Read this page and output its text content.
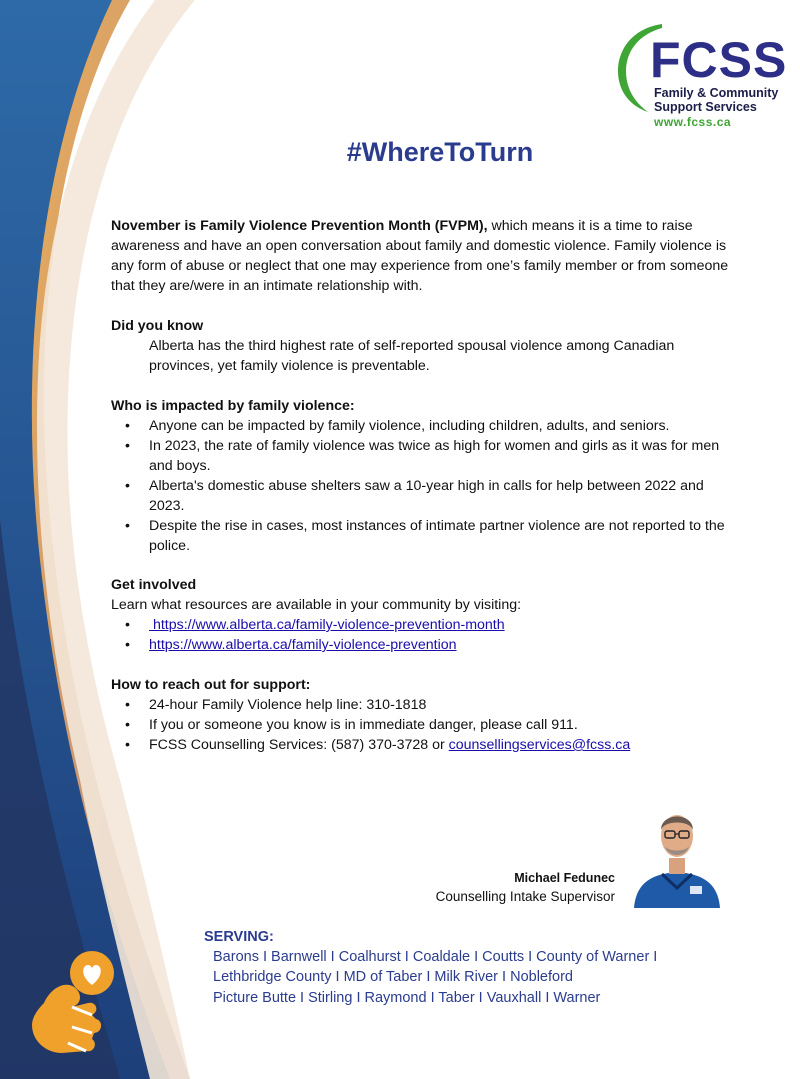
FCSS
Family & Community
Support Services
www.fcss.ca
#WhereToTurn

November is Family Violence Prevention Month (FVPM), which means it is a time to raise awareness and have an open conversation about family and domestic violence. Family violence is any form of abuse or neglect that one may experience from one’s family member or from someone that they are/were in an intimate relationship with.

Did you know

Alberta has the third highest rate of self-reported spousal violence among Canadian provinces, yet family violence is preventable.

Who is impacted by family violence:

• Anyone can be impacted by family violence, including children, adults, and seniors.
• In 2023, the rate of family violence was twice as high for women and girls as it was for men and boys.
• Alberta's domestic abuse shelters saw a 10-year high in calls for help between 2022 and 2023.
• Despite the rise in cases, most instances of intimate partner violence are not reported to the police.

Get involved

Learn what resources are available in your community by visiting:

•  https://www.alberta.ca/family-violence-prevention-month
• https://www.alberta.ca/family-violence-prevention

How to reach out for support:

• 24-hour Family Violence help line: 310-1818
• If you or someone you know is in immediate danger, please call 911.
• FCSS Counselling Services: (587) 370-3728 or counsellingservices@fcss.ca
Michael Fedunec
Counselling Intake Supervisor
SERVING:
Barons I Barnwell I Coalhurst I Coaldale I Coutts I County of Warner I
Lethbridge County I MD of Taber I Milk River I Nobleford
Picture Butte I Stirling I Raymond I Taber I Vauxhall I Warner
